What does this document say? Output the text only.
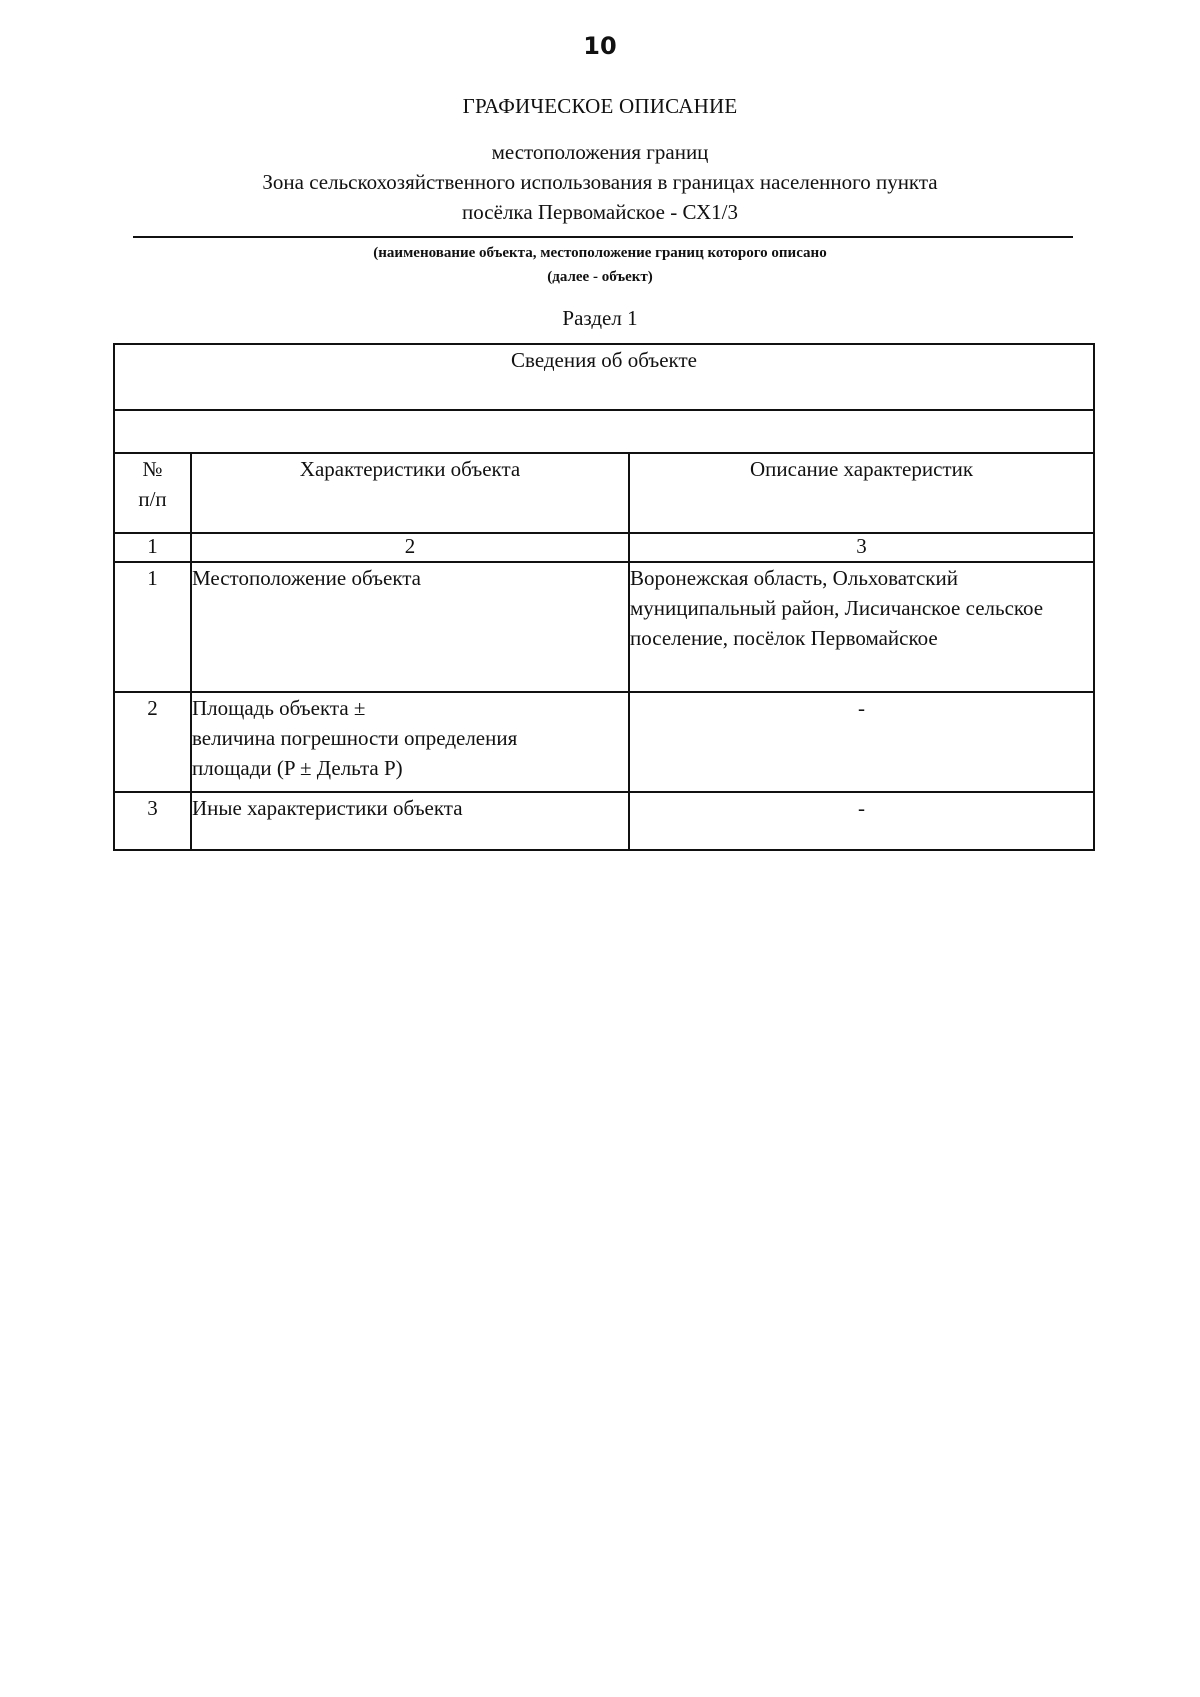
10
ГРАФИЧЕСКОЕ ОПИСАНИЕ
местоположения границ
Зона сельскохозяйственного использования в границах населенного пункта
посёлка Первомайское - СХ1/3
(наименование объекта, местоположение границ которого описано
(далее - объект)
Раздел 1
Сведения об объекте		

№
п/п	Характеристики объекта	Описание характеристик
1	2	3
1	Местоположение объекта	Воронежская область, Ольховатский муниципальный район, Лисичанское сельское поселение, посёлок Первомайское
2	Площадь объекта ±
величина погрешности определения
площади (P ± Дельта P)	-
3	Иные характеристики объекта	-
